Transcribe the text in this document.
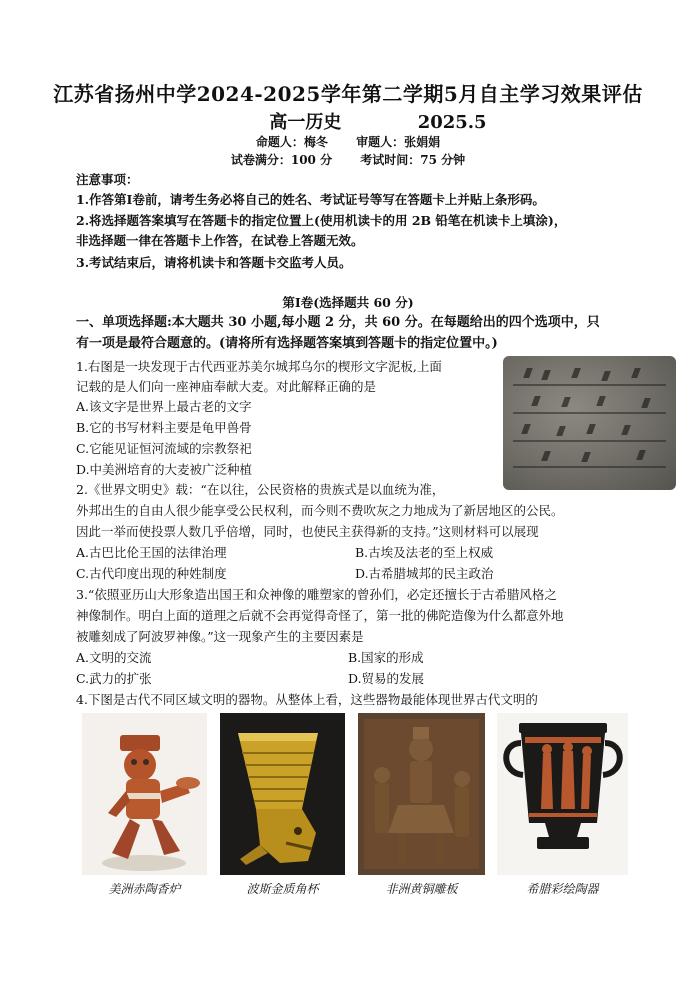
江苏省扬州中学2024-2025学年第二学期5月自主学习效果评估
高一历史	2025.5
命题人：梅冬 审题人：张娟娟
试卷满分：100 分 考试时间：75 分钟
注意事项：
1.作答第Ⅰ卷前，请考生务必将自己的姓名、考试证号等写在答题卡上并贴上条形码。
2.将选择题答案填写在答题卡的指定位置上(使用机读卡的用 2B 铅笔在机读卡上填涂)，
非选择题一律在答题卡上作答，在试卷上答题无效。
3.考试结束后，请将机读卡和答题卡交监考人员。
第Ⅰ卷(选择题共 60 分)
一、单项选择题:本大题共 30 小题,每小题 2 分，共 60 分。在每题给出的四个选项中，只
有一项是最符合题意的。(请将所有选择题答案填到答题卡的指定位置中。)
1.右图是一块发现于古代西亚苏美尔城邦乌尔的楔形文字泥板,上面
记载的是人们向一座神庙奉献大麦。对此解释正确的是
A.该文字是世界上最古老的文字
B.它的书写材料主要是龟甲兽骨
C.它能见证恒河流域的宗教祭祀
D.中美洲培育的大麦被广泛种植
2.《世界文明史》载：“在以往，公民资格的贵族式是以血统为准，
外邦出生的自由人很少能享受公民权利，而今则不费吹灰之力地成为了新居地区的公民。
因此一举而使投票人数几乎倍增，同时，也使民主获得新的支持。”这则材料可以展现
A.古巴比伦王国的法律治理	B.古埃及法老的至上权威
C.古代印度出现的种姓制度	D.古希腊城邦的民主政治
3.“依照亚历山大形象造出国王和众神像的雕塑家的曾孙们，必定还擅长于古希腊风格之
神像制作。明白上面的道理之后就不会再觉得奇怪了，第一批的佛陀造像为什么都意外地
被雕刻成了阿波罗神像。”这一现象产生的主要因素是
A.文明的交流	B.国家的形成
C.武力的扩张	D.贸易的发展
4.下图是古代不同区域文明的器物。从整体上看，这些器物最能体现世界古代文明的
美洲赤陶香炉	波斯金质角杯	非洲黄铜雕板	希腊彩绘陶器
